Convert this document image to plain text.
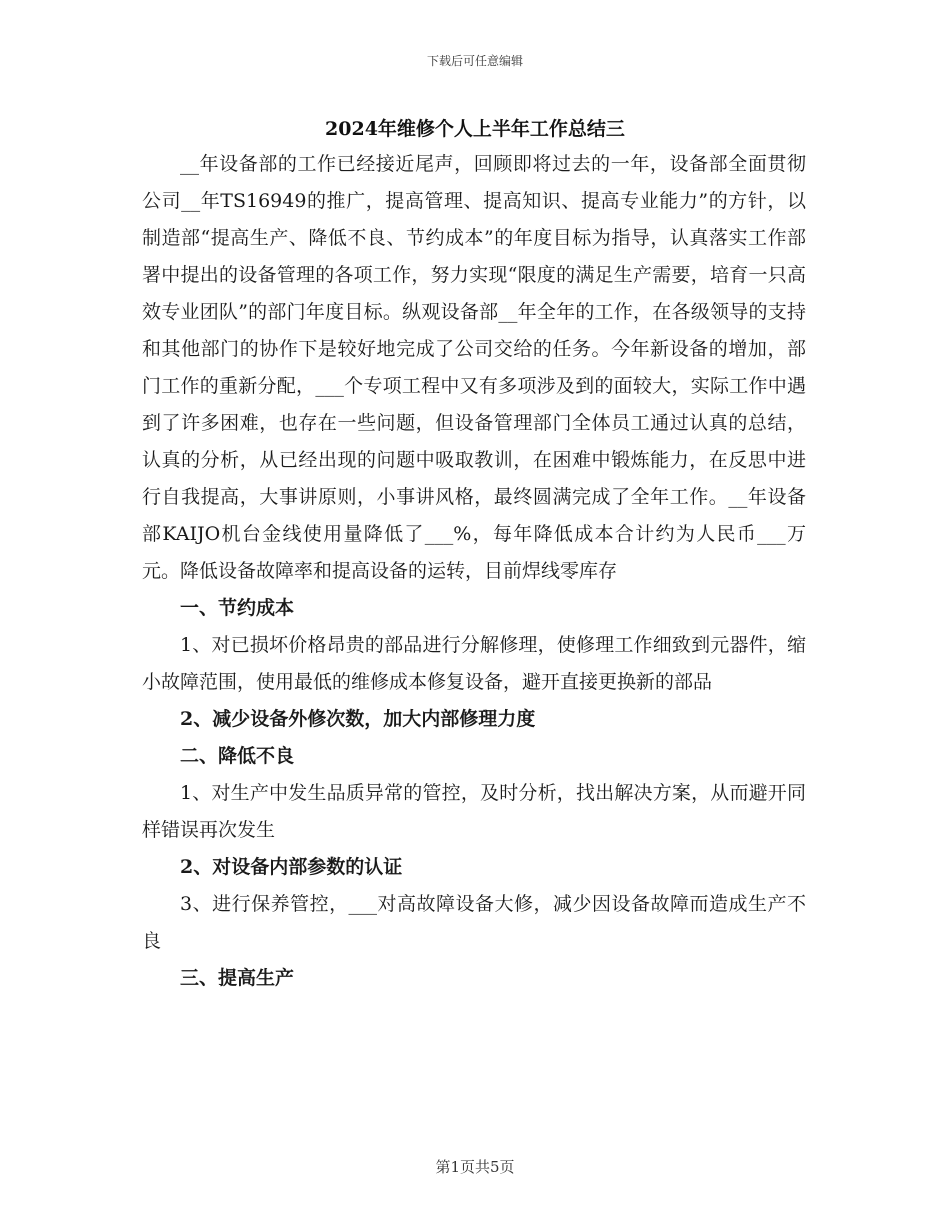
下载后可任意编辑
2024年维修个人上半年工作总结三

__年设备部的工作已经接近尾声，回顾即将过去的一年，设备部全面贯彻公司__年TS16949的推广，提高管理、提高知识、提高专业能力”的方针，以制造部“提高生产、降低不良、节约成本”的年度目标为指导，认真落实工作部署中提出的设备管理的各项工作，努力实现“限度的满足生产需要，培育一只高效专业团队”的部门年度目标。纵观设备部__年全年的工作，在各级领导的支持和其他部门的协作下是较好地完成了公司交给的任务。今年新设备的增加，部门工作的重新分配，___个专项工程中又有多项涉及到的面较大，实际工作中遇到了许多困难，也存在一些问题，但设备管理部门全体员工通过认真的总结，认真的分析，从已经出现的问题中吸取教训，在困难中锻炼能力，在反思中进行自我提高，大事讲原则，小事讲风格，最终圆满完成了全年工作。__年设备部KAIJO机台金线使用量降低了___%，每年降低成本合计约为人民币___万元。降低设备故障率和提高设备的运转，目前焊线零库存

一、节约成本

1、对已损坏价格昂贵的部品进行分解修理，使修理工作细致到元器件，缩小故障范围，使用最低的维修成本修复设备，避开直接更换新的部品

2、减少设备外修次数，加大内部修理力度

二、降低不良

1、对生产中发生品质异常的管控，及时分析，找出解决方案，从而避开同样错误再次发生

2、对设备内部参数的认证

3、进行保养管控，___对高故障设备大修，减少因设备故障而造成生产不良

三、提高生产

第1页共5页
